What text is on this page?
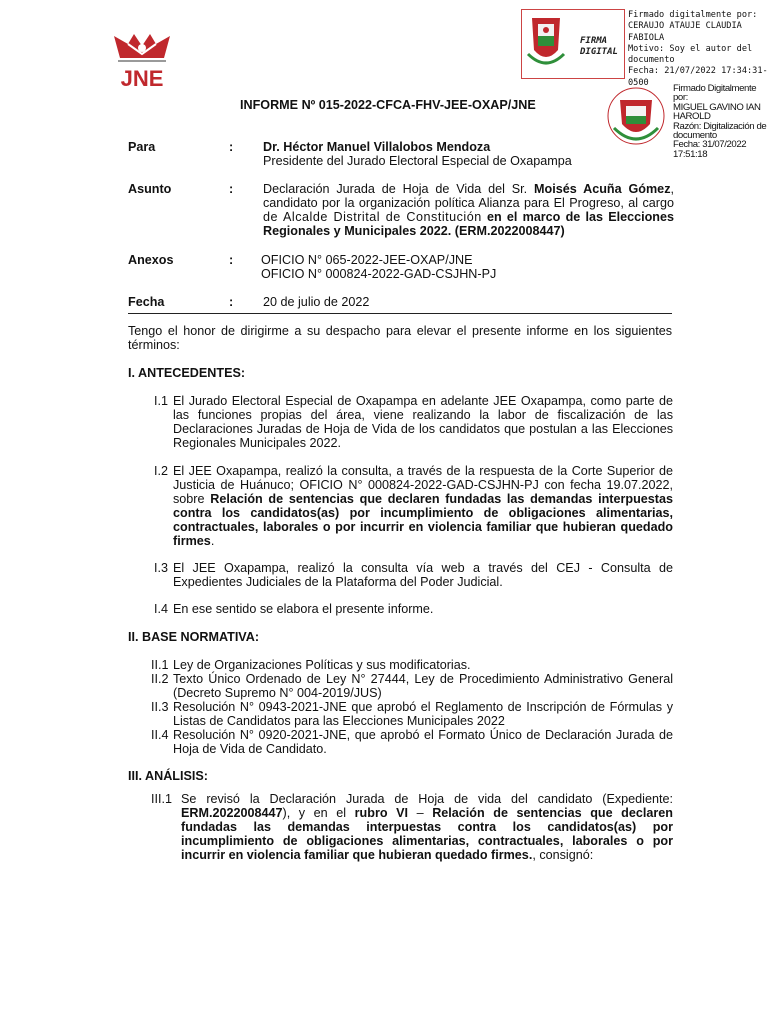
JNE
FIRMA
DIGITAL
Firmado digitalmente por:
CERAUJO ATAUJE CLAUDIA
FABIOLA
Motivo: Soy el autor del
documento
Fecha: 21/07/2022 17:34:31-0500
Firmado Digitalmente por:
MIGUEL GAVINO IAN
HAROLD
Razón: Digitalización de
documento
Fecha: 31/07/2022
17:51:18
INFORME Nº 015-2022-CFCA-FHV-JEE-OXAP/JNE
Para	: Dr. Héctor Manuel Villalobos Mendoza
Presidente del Jurado Electoral Especial de Oxapampa
Asunto	: Declaración Jurada de Hoja de Vida del Sr. Moisés Acuña Gómez,
candidato por la organización política Alianza para El Progreso, al cargo
de Alcalde Distrital de Constitución en el marco de las Elecciones
Regionales y Municipales 2022. (ERM.2022008447)
Anexos	: OFICIO N° 065-2022-JEE-OXAP/JNE
OFICIO N° 000824-2022-GAD-CSJHN-PJ
Fecha	: 20 de julio de 2022
Tengo el honor de dirigirme a su despacho para elevar el presente informe en los siguientes
términos:
I. ANTECEDENTES:
I.1 El Jurado Electoral Especial de Oxapampa en adelante JEE Oxapampa, como parte de
las funciones propias del área, viene realizando la labor de fiscalización de las
Declaraciones Juradas de Hoja de Vida de los candidatos que postulan a las Elecciones
Regionales Municipales 2022.
I.2 El JEE Oxapampa, realizó la consulta, a través de la respuesta de la Corte Superior de
Justicia de Huánuco; OFICIO N° 000824-2022-GAD-CSJHN-PJ con fecha 19.07.2022,
sobre Relación de sentencias que declaren fundadas las demandas interpuestas
contra los candidatos(as) por incumplimiento de obligaciones alimentarias,
contractuales, laborales o por incurrir en violencia familiar que hubieran quedado
firmes.
I.3 El JEE Oxapampa, realizó la consulta vía web a través del CEJ - Consulta de
Expedientes Judiciales de la Plataforma del Poder Judicial.
I.4 En ese sentido se elabora el presente informe.
II. BASE NORMATIVA:
II.1 Ley de Organizaciones Políticas y sus modificatorias.
II.2 Texto Único Ordenado de Ley N° 27444, Ley de Procedimiento Administrativo General
(Decreto Supremo N° 004-2019/JUS)
II.3 Resolución N° 0943-2021-JNE que aprobó el Reglamento de Inscripción de Fórmulas y
Listas de Candidatos para las Elecciones Municipales 2022
II.4 Resolución N° 0920-2021-JNE, que aprobó el Formato Único de Declaración Jurada de
Hoja de Vida de Candidato.
III. ANÁLISIS:
III.1 Se revisó la Declaración Jurada de Hoja de vida del candidato (Expediente:
ERM.2022008447), y en el rubro VI – Relación de sentencias que declaren
fundadas las demandas interpuestas contra los candidatos(as) por
incumplimiento de obligaciones alimentarias, contractuales, laborales o por
incurrir en violencia familiar que hubieran quedado firmes., consignó:
